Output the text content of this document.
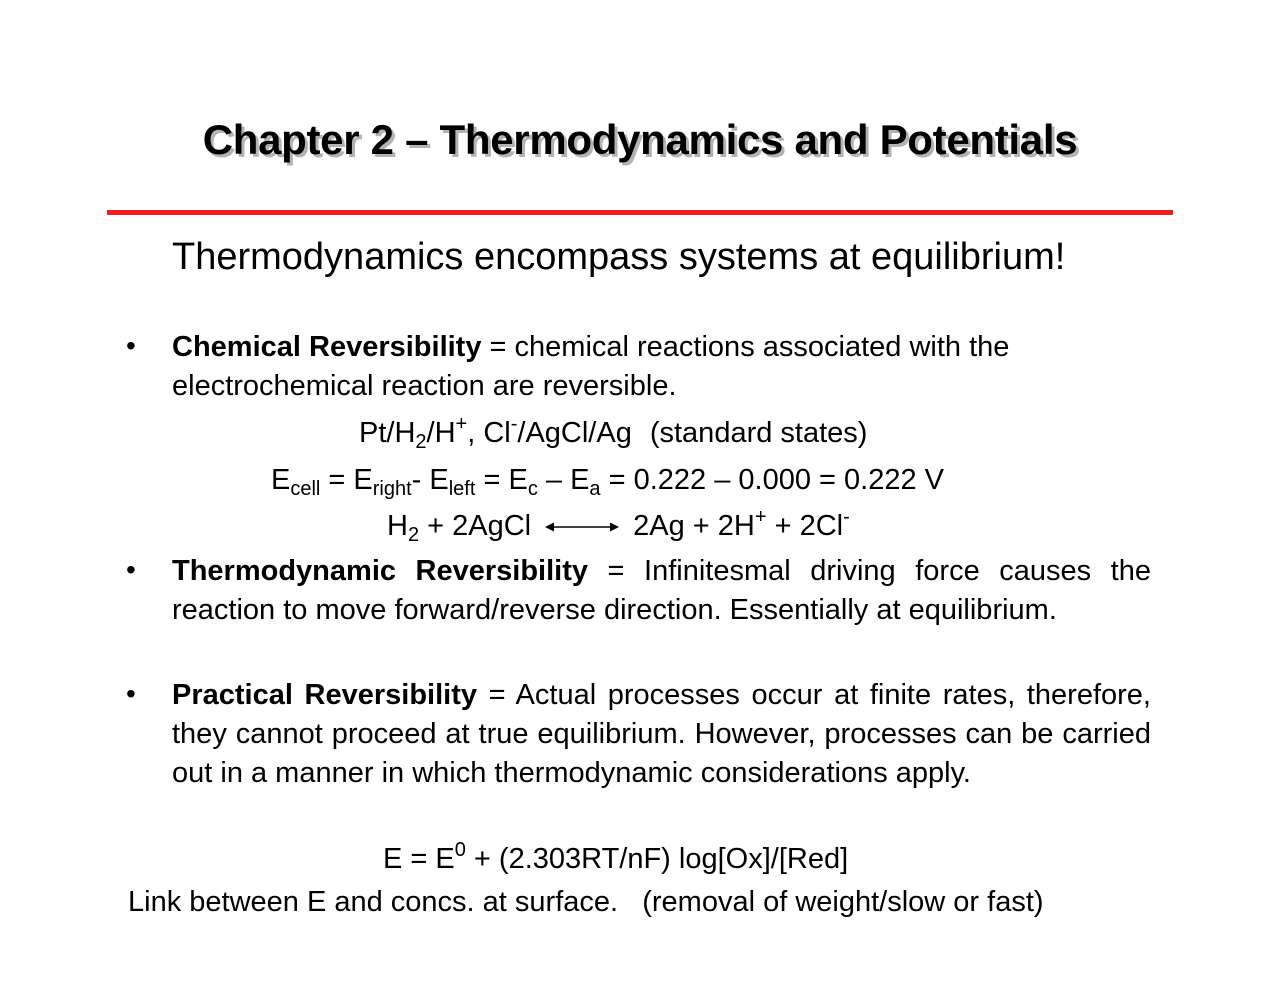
Chapter 2 – Thermodynamics and Potentials
Thermodynamics encompass systems at equilibrium!
• Chemical Reversibility = chemical reactions associated with the electrochemical reaction are reversible.
$Pt/H_2/H^+$, Cl-/AgCl/Ag (standard states)
$E_{cell} = E_{right}-$ $E_{left} = E_c - E_a = 0.222 - 0.000 = 0.222$ V
$H_2$ + 2AgCl	2Ag + 2H+ + 2Cl-
• Thermodynamic Reversibility = Infinitesmal driving force causes the reaction to move forward/reverse direction. Essentially at equilibrium.
• Practical Reversibility = Actual processes occur at finite rates, therefore, they cannot proceed at true equilibrium. However, processes can be carried out in a manner in which thermodynamic considerations apply.
$E = E^0 + (2.303RT/nF)$ log[Ox]/[Red]
Link between E and concs. at surface.   (removal of weight/slow or fast)
